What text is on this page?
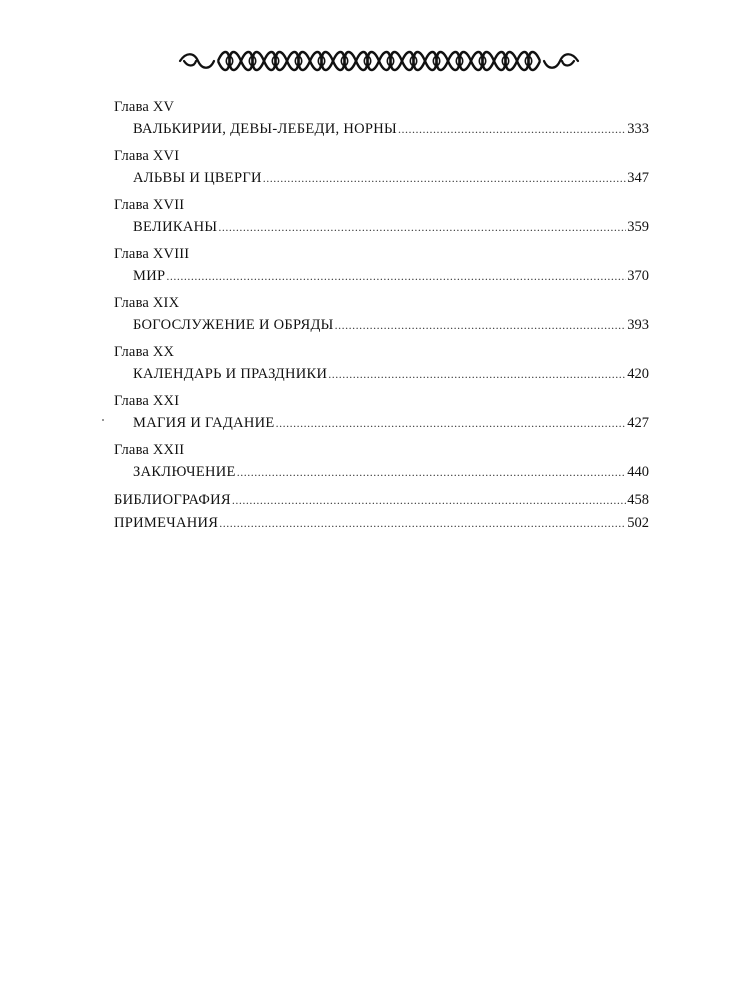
Глава XV
ВАЛЬКИРИИ, ДЕВЫ-ЛЕБЕДИ, НОРНЫ .....	333
Глава XVI
АЛЬВЫ И ЦВЕРГИ .....	347
Глава XVII
ВЕЛИКАНЫ .....	359
Глава XVIII
МИР .....	370
Глава XIX
БОГОСЛУЖЕНИЕ И ОБРЯДЫ .....	393
Глава XX
КАЛЕНДАРЬ И ПРАЗДНИКИ .....	420
Глава XXI
МАГИЯ И ГАДАНИЕ .....	427
Глава XXII
ЗАКЛЮЧЕНИЕ .....	440
БИБЛИОГРАФИЯ .....	458
ПРИМЕЧАНИЯ .....	502
